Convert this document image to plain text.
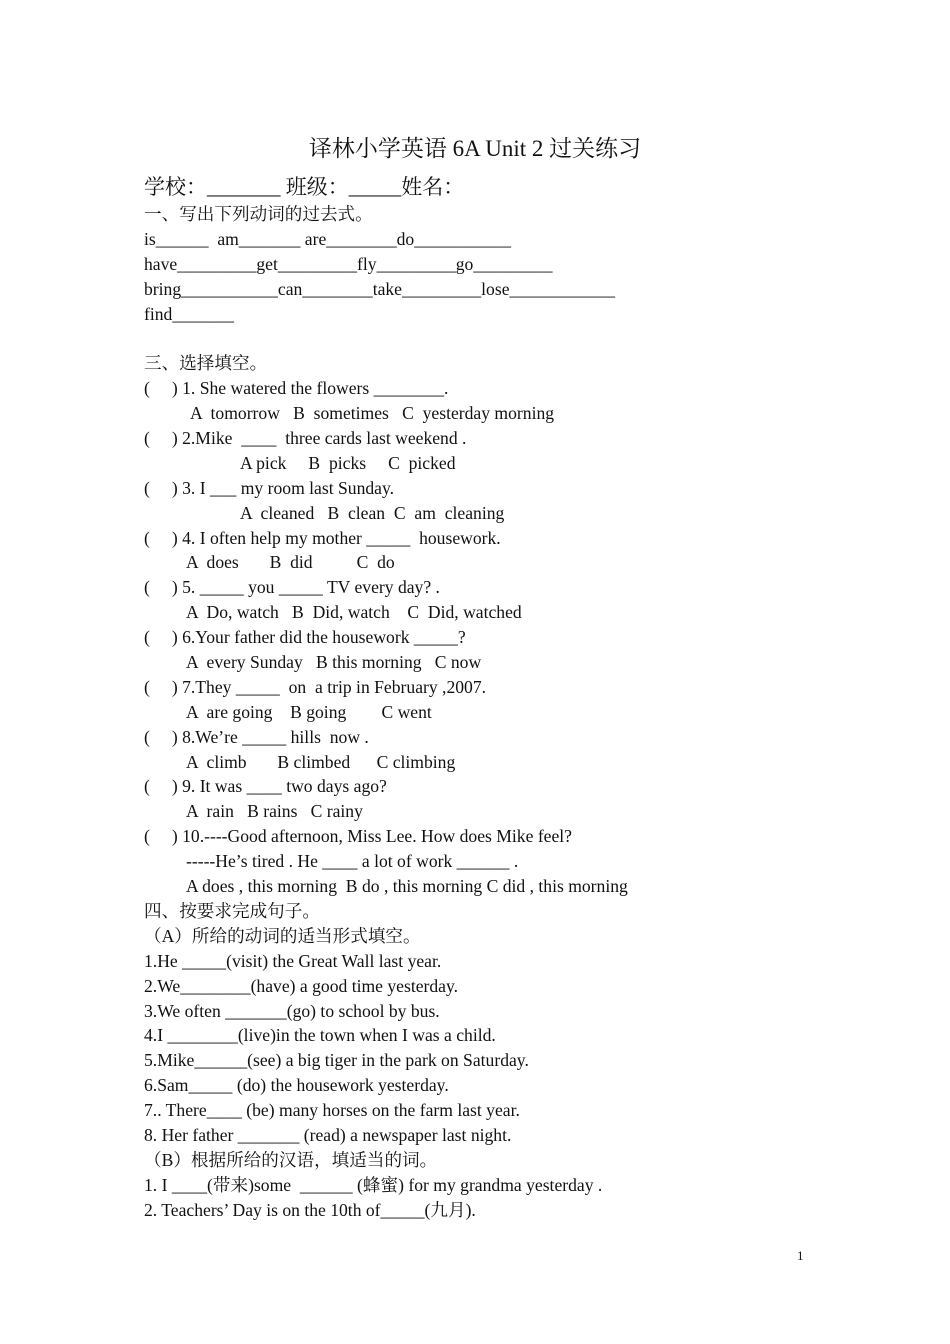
译林小学英语 6A Unit 2 过关练习
学校：_______ 班级：_____姓名：
一、写出下列动词的过去式。
is______  am_______ are________do___________
have_________get_________fly_________go_________
bring___________can________take_________lose____________
find_______
三、选择填空。
(     ) 1. She watered the flowers ________.
A  tomorrow   B  sometimes   C  yesterday morning
(     ) 2.Mike  ____  three cards last weekend .
A pick     B  picks     C  picked
(     ) 3. I ___ my room last Sunday.
A  cleaned   B  clean  C  am  cleaning
(     ) 4. I often help my mother _____  housework.
A  does       B  did          C  do
(     ) 5. _____ you _____ TV every day? .
A  Do, watch   B  Did, watch    C  Did, watched
(     ) 6.Your father did the housework _____?
A  every Sunday   B this morning   C now
(     ) 7.They _____  on  a trip in February ,2007.
A  are going    B going        C went
(     ) 8.We’re _____ hills  now .
A  climb       B climbed      C climbing
(     ) 9. It was ____ two days ago?
A  rain   B rains   C rainy
(     ) 10.----Good afternoon, Miss Lee. How does Mike feel?
-----He’s tired . He ____ a lot of work ______ .
A does , this morning  B do , this morning C did , this morning
四、按要求完成句子。
（A）所给的动词的适当形式填空。
1.He _____(visit) the Great Wall last year.
2.We________(have) a good time yesterday.
3.We often _______(go) to school by bus.
4.I ________(live)in the town when I was a child.
5.Mike______(see) a big tiger in the park on Saturday.
6.Sam_____ (do) the housework yesterday.
7.. There____ (be) many horses on the farm last year.
8. Her father _______ (read) a newspaper last night.
（B）根据所给的汉语，填适当的词。
1. I ____(带来)some  ______ (蜂蜜) for my grandma yesterday .
2. Teachers’ Day is on the 10th of_____(九月).
1
